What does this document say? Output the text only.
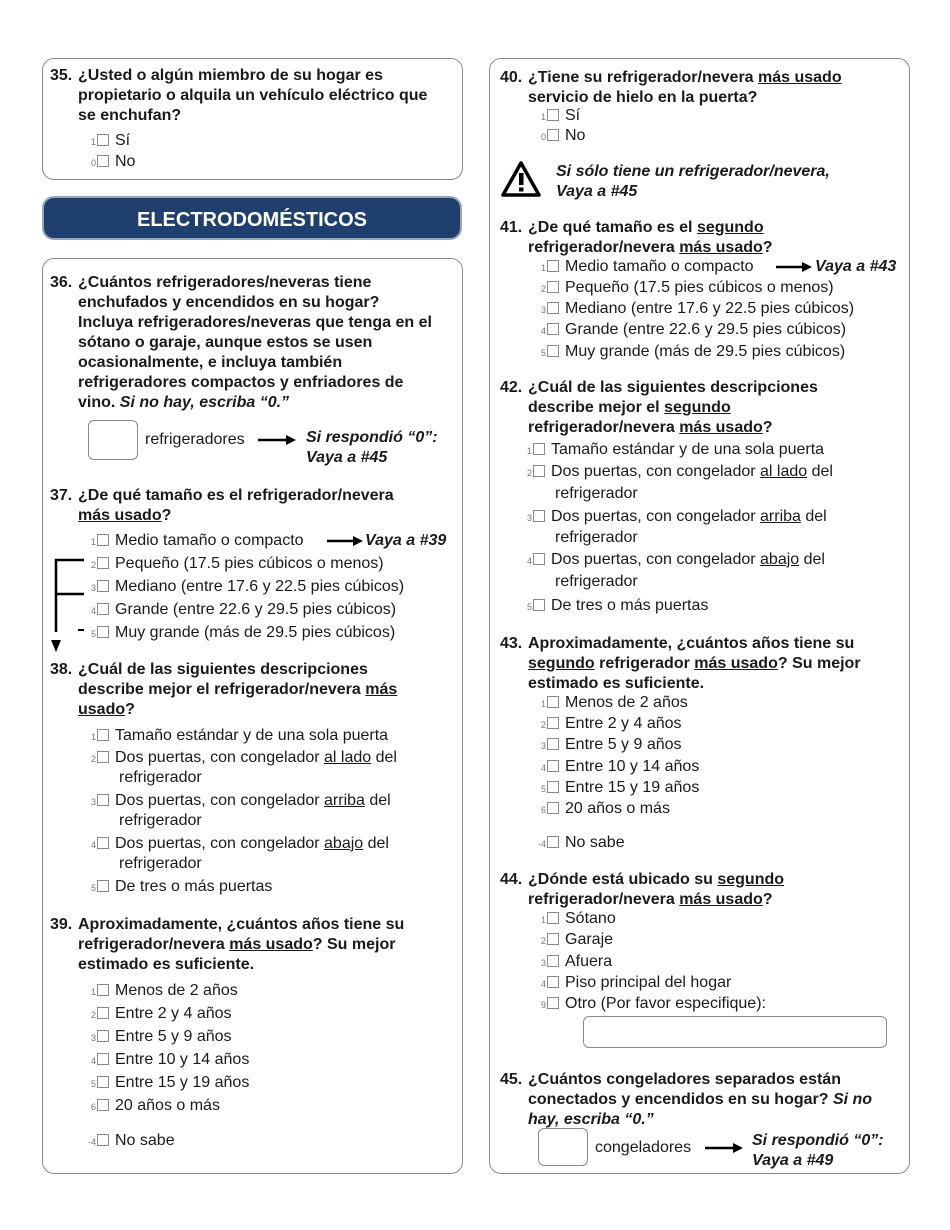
35. ¿Usted o algún miembro de su hogar es
propietario o alquila un vehículo eléctrico que
se enchufan?
1 Sí
0 No
ELECTRODOMÉSTICOS
36. ¿Cuántos refrigeradores/neveras tiene
enchufados y encendidos en su hogar?
Incluya refrigeradores/neveras que tenga en el
sótano o garaje, aunque estos se usen
ocasionalmente, e incluya también
refrigeradores compactos y enfriadores de
vino. Si no hay, escriba “0.”
refrigeradores	Si respondió “0”:
Vaya a #45
37. ¿De qué tamaño es el refrigerador/nevera
más usado?
1 Medio tamaño o compacto	Vaya a #39
2 Pequeño (17.5 pies cúbicos o menos)
3 Mediano (entre 17.6 y 22.5 pies cúbicos)
4 Grande (entre 22.6 y 29.5 pies cúbicos)
5 Muy grande (más de 29.5 pies cúbicos)
38. ¿Cuál de las siguientes descripciones
describe mejor el refrigerador/nevera más
usado?
1 Tamaño estándar y de una sola puerta
2 Dos puertas, con congelador al lado del
refrigerador
3 Dos puertas, con congelador arriba del
refrigerador
4 Dos puertas, con congelador abajo del
refrigerador
5 De tres o más puertas
39. Aproximadamente, ¿cuántos años tiene su
refrigerador/nevera más usado? Su mejor
estimado es suficiente.
1 Menos de 2 años
2 Entre 2 y 4 años
3 Entre 5 y 9 años
4 Entre 10 y 14 años
5 Entre 15 y 19 años
6 20 años o más
-4 No sabe
40. ¿Tiene su refrigerador/nevera más usado
servicio de hielo en la puerta?
1 Sí
0 No
Si sólo tiene un refrigerador/nevera,
Vaya a #45
41. ¿De qué tamaño es el segundo
refrigerador/nevera más usado?
1 Medio tamaño o compacto	Vaya a #43
2 Pequeño (17.5 pies cúbicos o menos)
3 Mediano (entre 17.6 y 22.5 pies cúbicos)
4 Grande (entre 22.6 y 29.5 pies cúbicos)
5 Muy grande (más de 29.5 pies cúbicos)
42. ¿Cuál de las siguientes descripciones
describe mejor el segundo
refrigerador/nevera más usado?
1 Tamaño estándar y de una sola puerta
2 Dos puertas, con congelador al lado del
refrigerador
3 Dos puertas, con congelador arriba del
refrigerador
4 Dos puertas, con congelador abajo del
refrigerador
5 De tres o más puertas
43. Aproximadamente, ¿cuántos años tiene su
segundo refrigerador más usado? Su mejor
estimado es suficiente.
1 Menos de 2 años
2 Entre 2 y 4 años
3 Entre 5 y 9 años
4 Entre 10 y 14 años
5 Entre 15 y 19 años
6 20 años o más
-4 No sabe
44. ¿Dónde está ubicado su segundo
refrigerador/nevera más usado?
1 Sótano
2 Garaje
3 Afuera
4 Piso principal del hogar
9 Otro (Por favor especifique):
45. ¿Cuántos congeladores separados están
conectados y encendidos en su hogar? Si no
hay, escriba “0.”
congeladores	Si respondió “0”:
Vaya a #49
